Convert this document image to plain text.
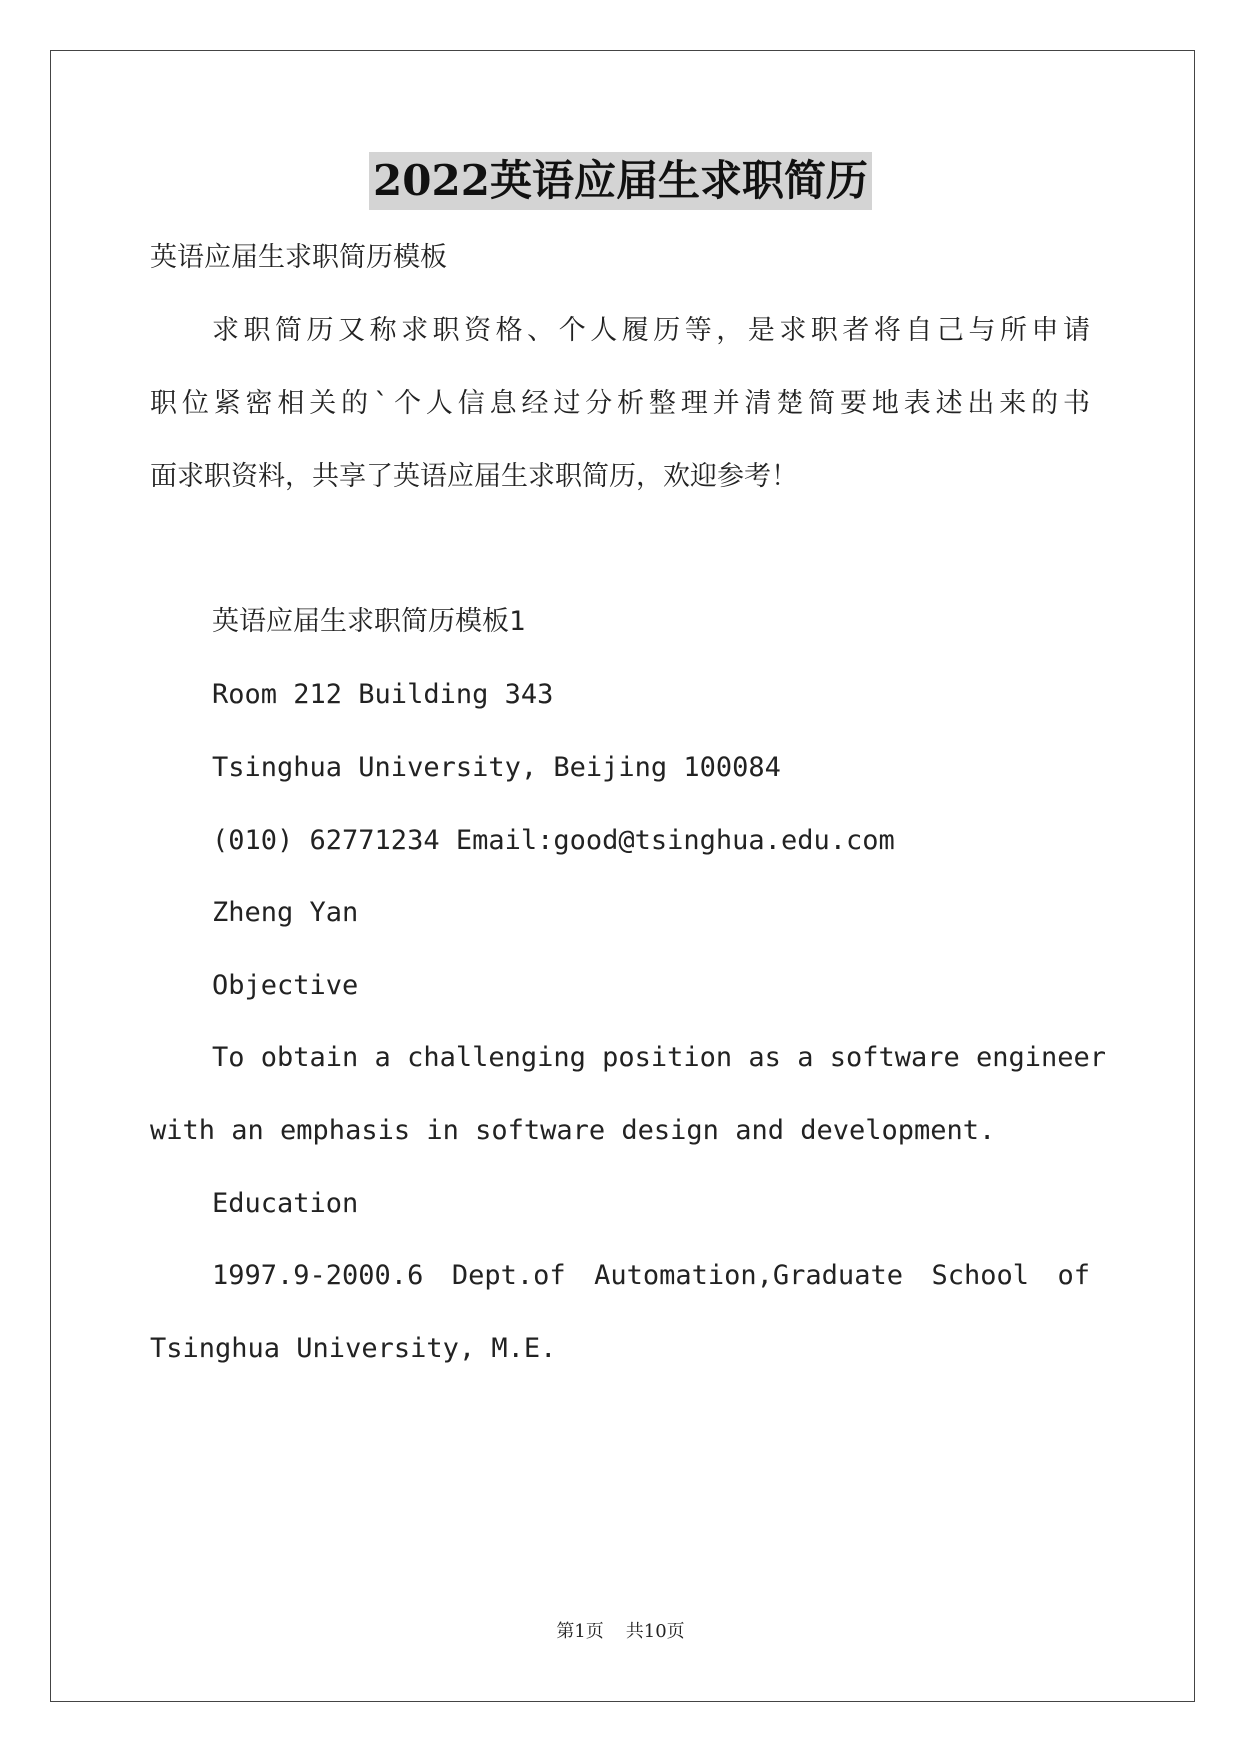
2022英语应届生求职简历
英语应届生求职简历模板
求职简历又称求职资格、个人履历等，是求职者将自己与所申请
职位紧密相关的`个人信息经过分析整理并清楚简要地表述出来的书
面求职资料，共享了英语应届生求职简历，欢迎参考！
英语应届生求职简历模板1
Room 212 Building 343
Tsinghua University, Beijing 100084
(010) 62771234 Email:good@tsinghua.edu.com
Zheng Yan
Objective
To obtain a challenging position as a software engineer
with an emphasis in software design and development.
Education
1997.9-2000.6 Dept.of Automation,Graduate School of
Tsinghua University, M.E.
第1页 共10页
